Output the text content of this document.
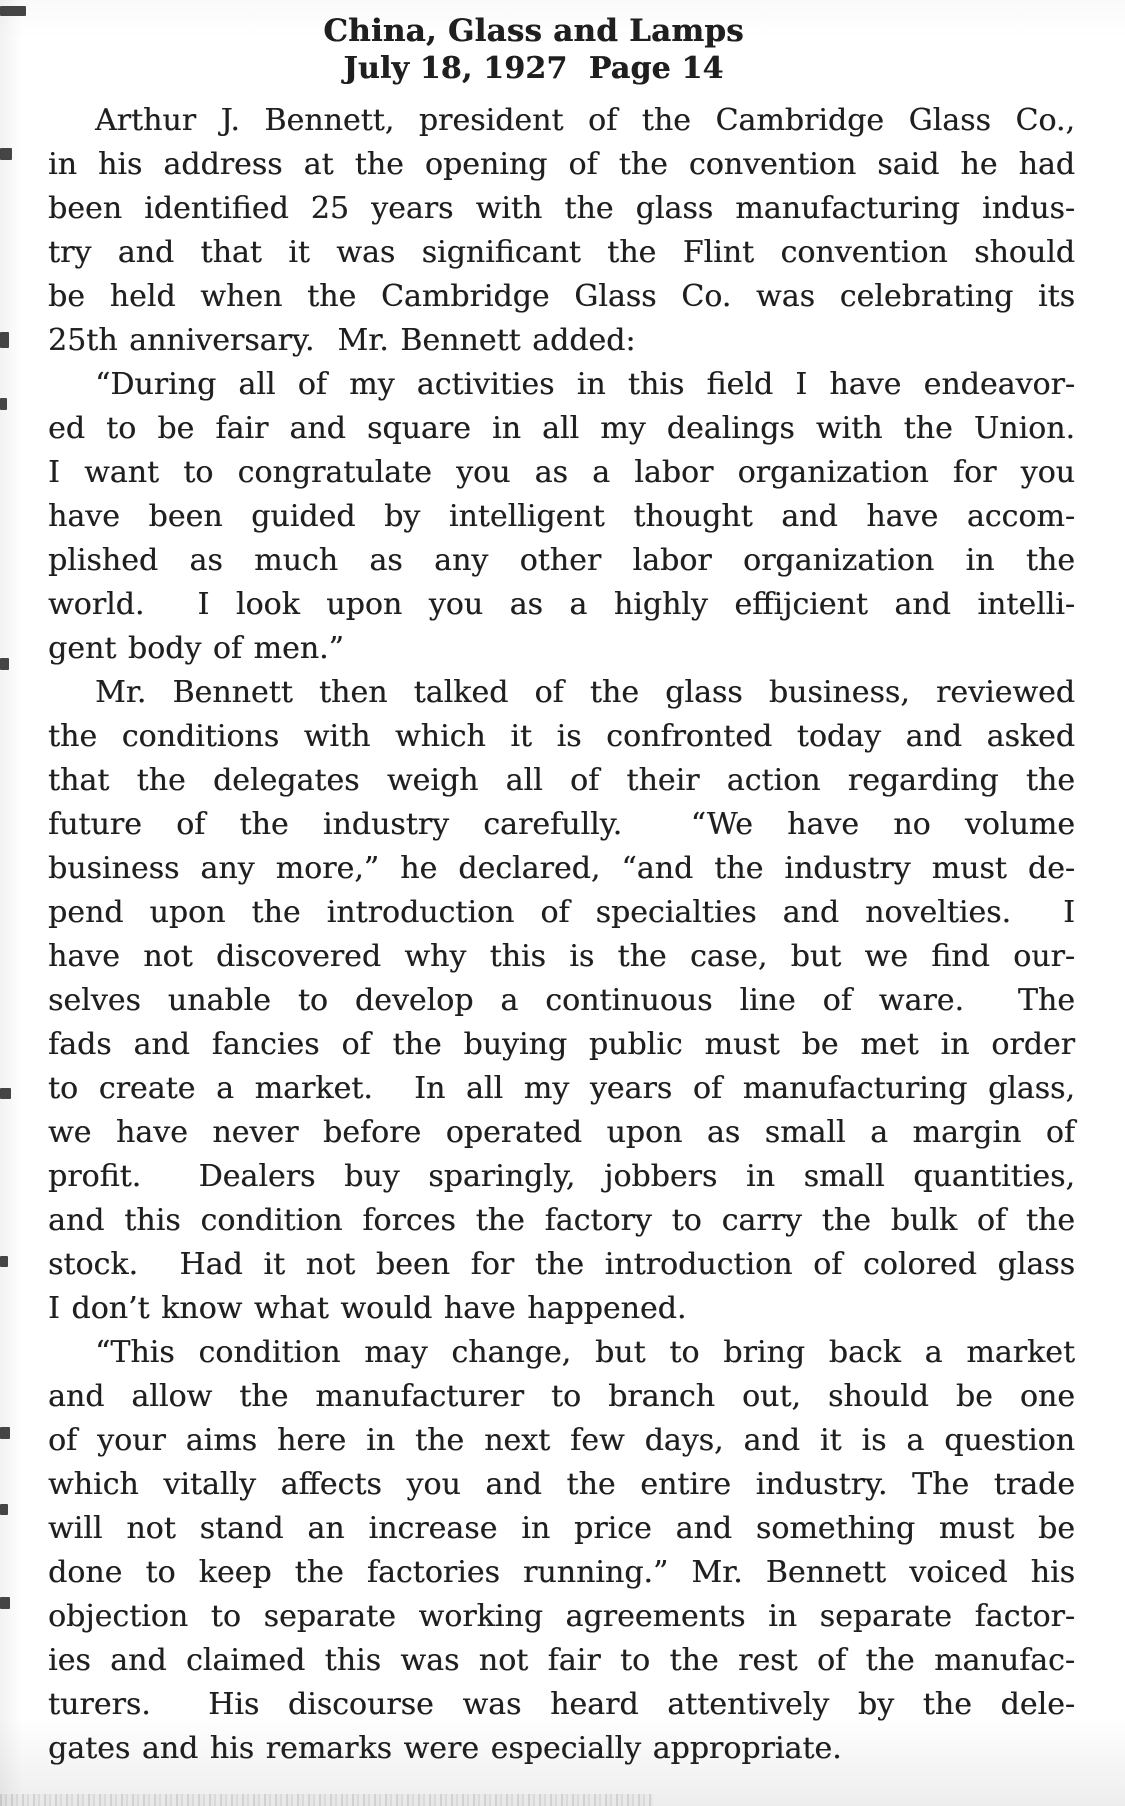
China, Glass and Lamps
July 18, 1927  Page 14

Arthur J. Bennett, president of the Cambridge Glass Co.,
in his address at the opening of the convention said he had
been identified 25 years with the glass manufacturing indus-
try and that it was significant the Flint convention should
be held when the Cambridge Glass Co. was celebrating its
25th anniversary.  Mr. Bennett added:

“During all of my activities in this field I have endeavor-
ed to be fair and square in all my dealings with the Union.
I want to congratulate you as a labor organization for you
have been guided by intelligent thought and have accom-
plished as much as any other labor organization in the
world.  I look upon you as a highly effijcient and intelli-
gent body of men.”

Mr. Bennett then talked of the glass business, reviewed
the conditions with which it is confronted today and asked
that the delegates weigh all of their action regarding the
future of the industry carefully.  “We have no volume
business any more,” he declared, “and the industry must de-
pend upon the introduction of specialties and novelties.  I
have not discovered why this is the case, but we find our-
selves unable to develop a continuous line of ware.  The
fads and fancies of the buying public must be met in order
to create a market.  In all my years of manufacturing glass,
we have never before operated upon as small a margin of
profit.  Dealers buy sparingly, jobbers in small quantities,
and this condition forces the factory to carry the bulk of the
stock.  Had it not been for the introduction of colored glass
I don’t know what would have happened.

“This condition may change, but to bring back a market
and allow the manufacturer to branch out, should be one
of your aims here in the next few days, and it is a question
which vitally affects you and the entire industry. The trade
will not stand an increase in price and something must be
done to keep the factories running.” Mr. Bennett voiced his
objection to separate working agreements in separate factor-
ies and claimed this was not fair to the rest of the manufac-
turers.  His discourse was heard attentively by the dele-
gates and his remarks were especially appropriate.
